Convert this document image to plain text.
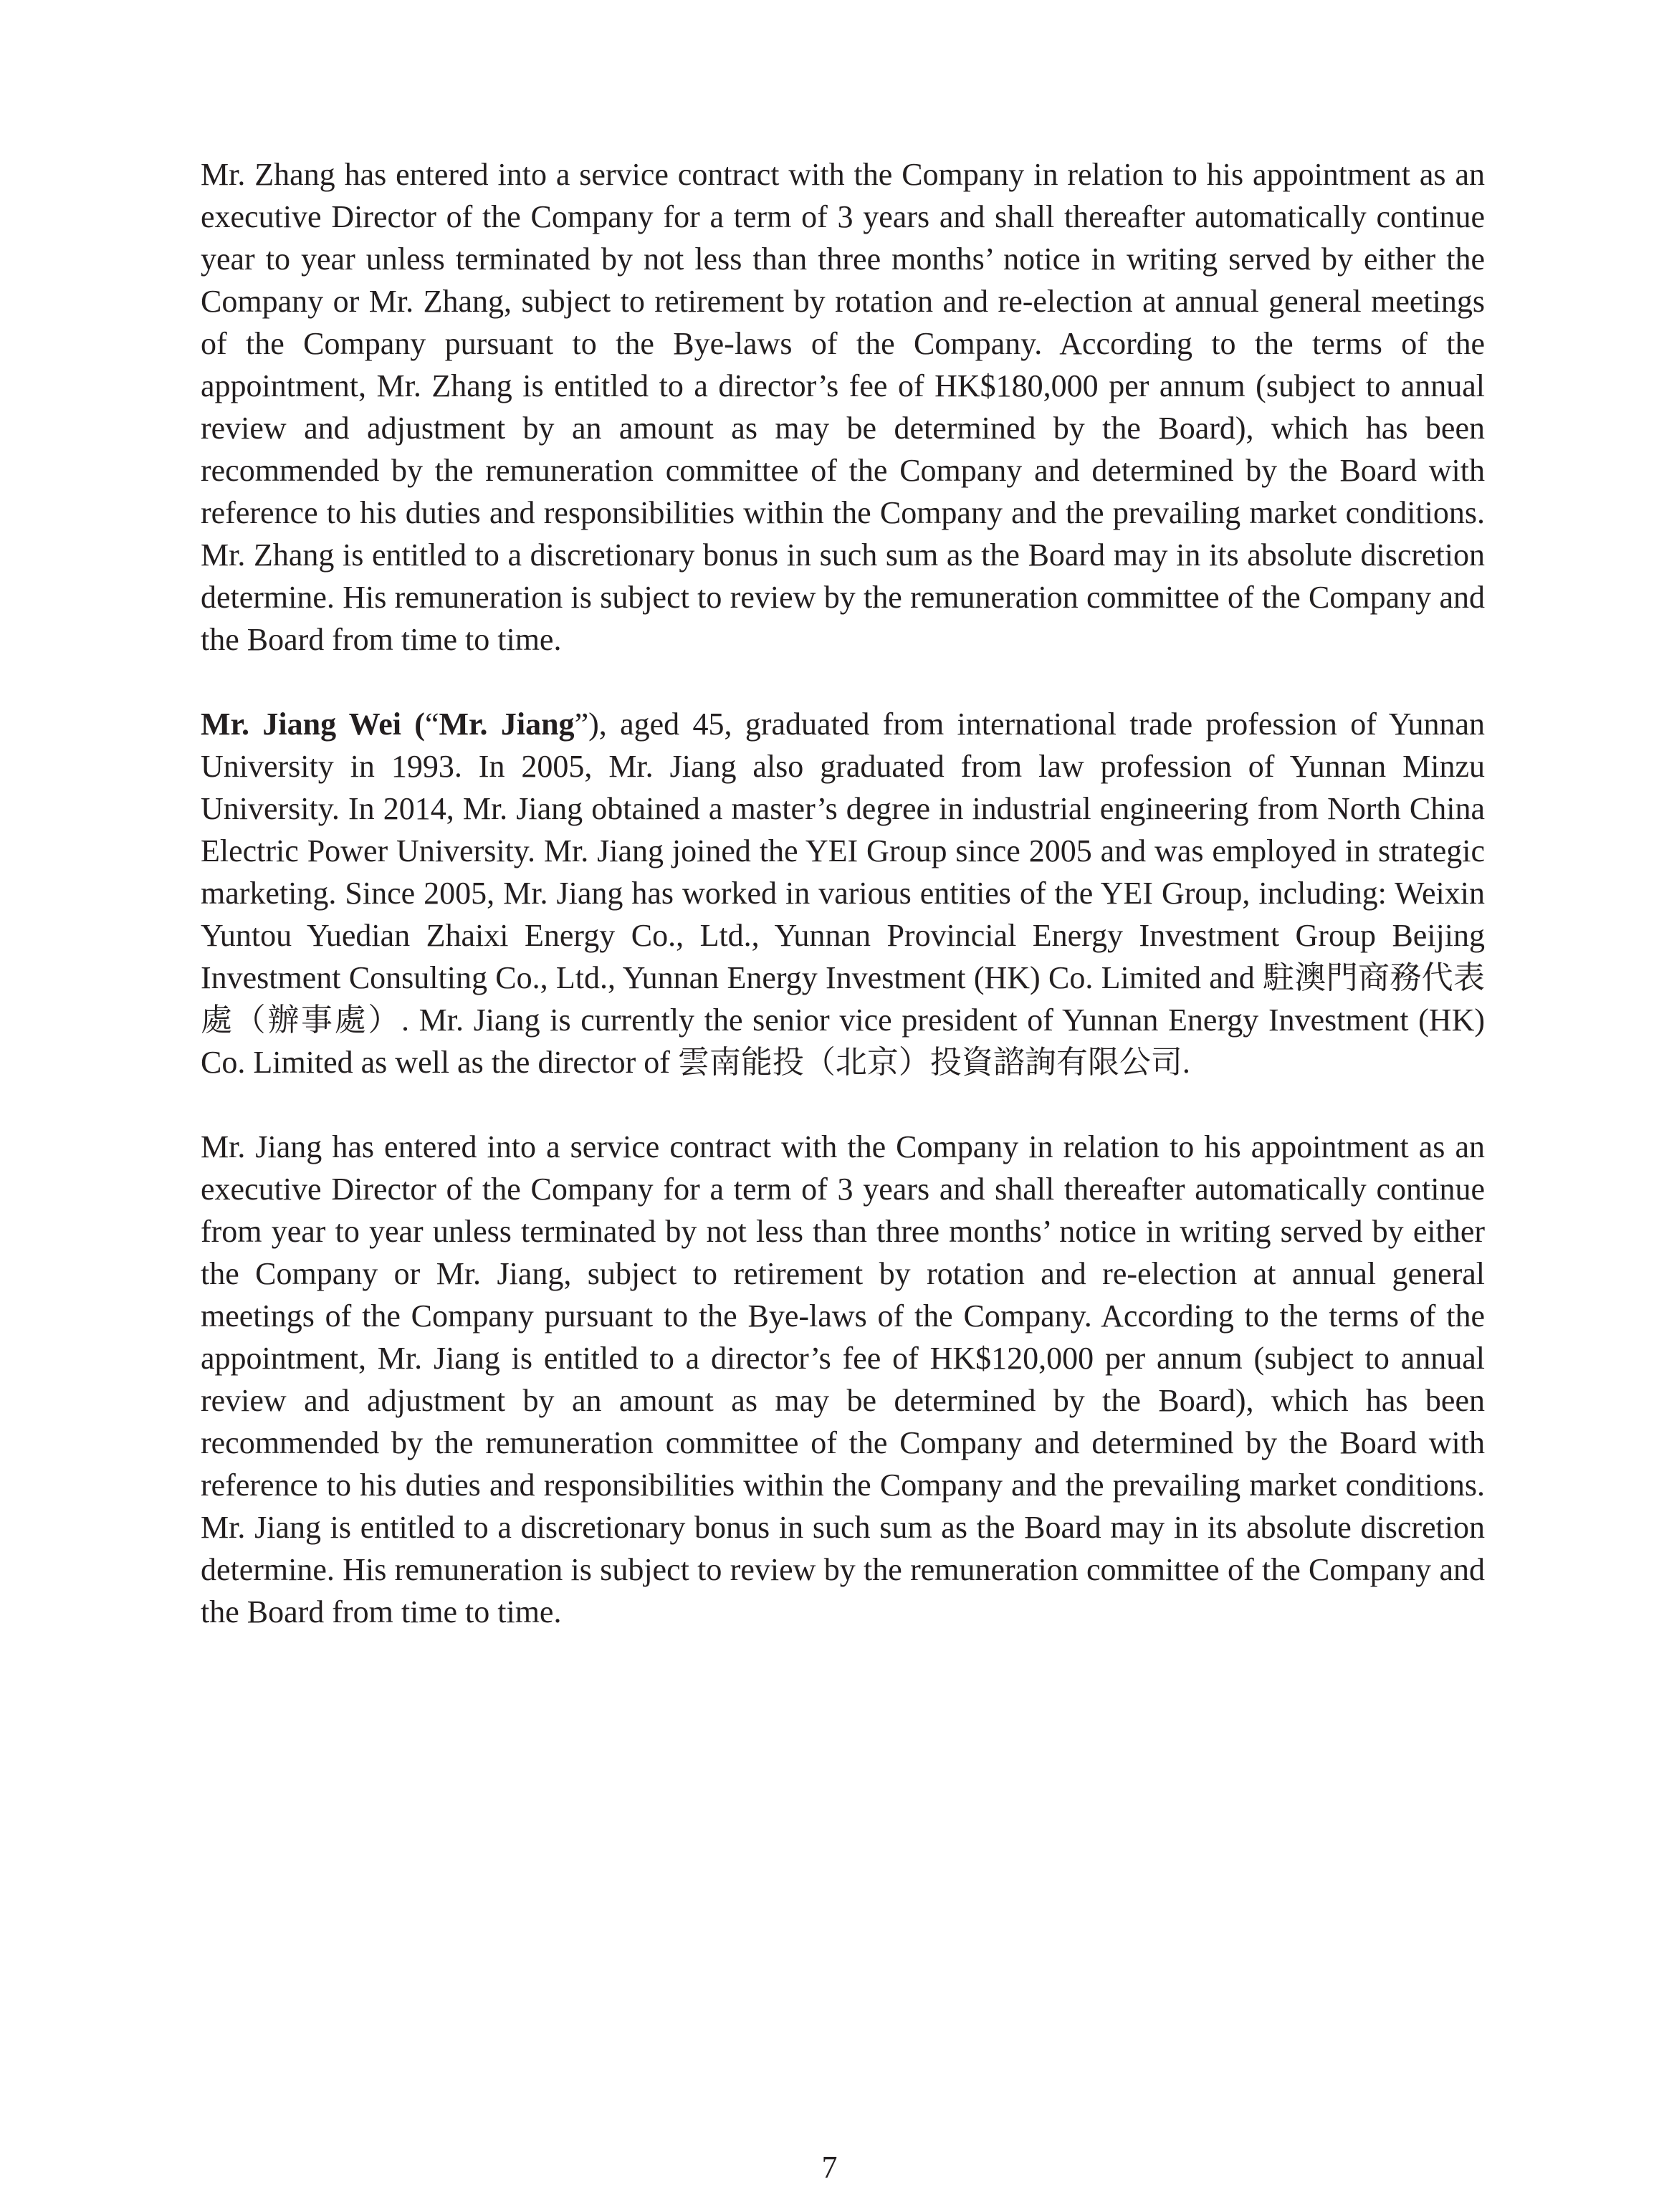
Mr. Zhang has entered into a service contract with the Company in relation to his appointment as an executive Director of the Company for a term of 3 years and shall thereafter automatically continue year to year unless terminated by not less than three months’ notice in writing served by either the Company or Mr. Zhang, subject to retirement by rotation and re-election at annual general meetings of the Company pursuant to the Bye-laws of the Company. According to the terms of the appointment, Mr. Zhang is entitled to a director’s fee of HK$180,000 per annum (subject to annual review and adjustment by an amount as may be determined by the Board), which has been recommended by the remuneration committee of the Company and determined by the Board with reference to his duties and responsibilities within the Company and the prevailing market conditions. Mr. Zhang is entitled to a discretionary bonus in such sum as the Board may in its absolute discretion determine. His remuneration is subject to review by the remuneration committee of the Company and the Board from time to time.

Mr. Jiang Wei (“Mr. Jiang”), aged 45, graduated from international trade profession of Yunnan University in 1993. In 2005, Mr. Jiang also graduated from law profession of Yunnan Minzu University. In 2014, Mr. Jiang obtained a master’s degree in industrial engineering from North China Electric Power University. Mr. Jiang joined the YEI Group since 2005 and was employed in strategic marketing. Since 2005, Mr. Jiang has worked in various entities of the YEI Group, including: Weixin Yuntou Yuedian Zhaixi Energy Co., Ltd., Yunnan Provincial Energy Investment Group Beijing Investment Consulting Co., Ltd., Yunnan Energy Investment (HK) Co. Limited and 駐澳門商務代表處（辦事處）. Mr. Jiang is currently the senior vice president of Yunnan Energy Investment (HK) Co. Limited as well as the director of 雲南能投（北京）投資諮詢有限公司.

Mr. Jiang has entered into a service contract with the Company in relation to his appointment as an executive Director of the Company for a term of 3 years and shall thereafter automatically continue from year to year unless terminated by not less than three months’ notice in writing served by either the Company or Mr. Jiang, subject to retirement by rotation and re-election at annual general meetings of the Company pursuant to the Bye-laws of the Company. According to the terms of the appointment, Mr. Jiang is entitled to a director’s fee of HK$120,000 per annum (subject to annual review and adjustment by an amount as may be determined by the Board), which has been recommended by the remuneration committee of the Company and determined by the Board with reference to his duties and responsibilities within the Company and the prevailing market conditions. Mr. Jiang is entitled to a discretionary bonus in such sum as the Board may in its absolute discretion determine. His remuneration is subject to review by the remuneration committee of the Company and the Board from time to time.

7
